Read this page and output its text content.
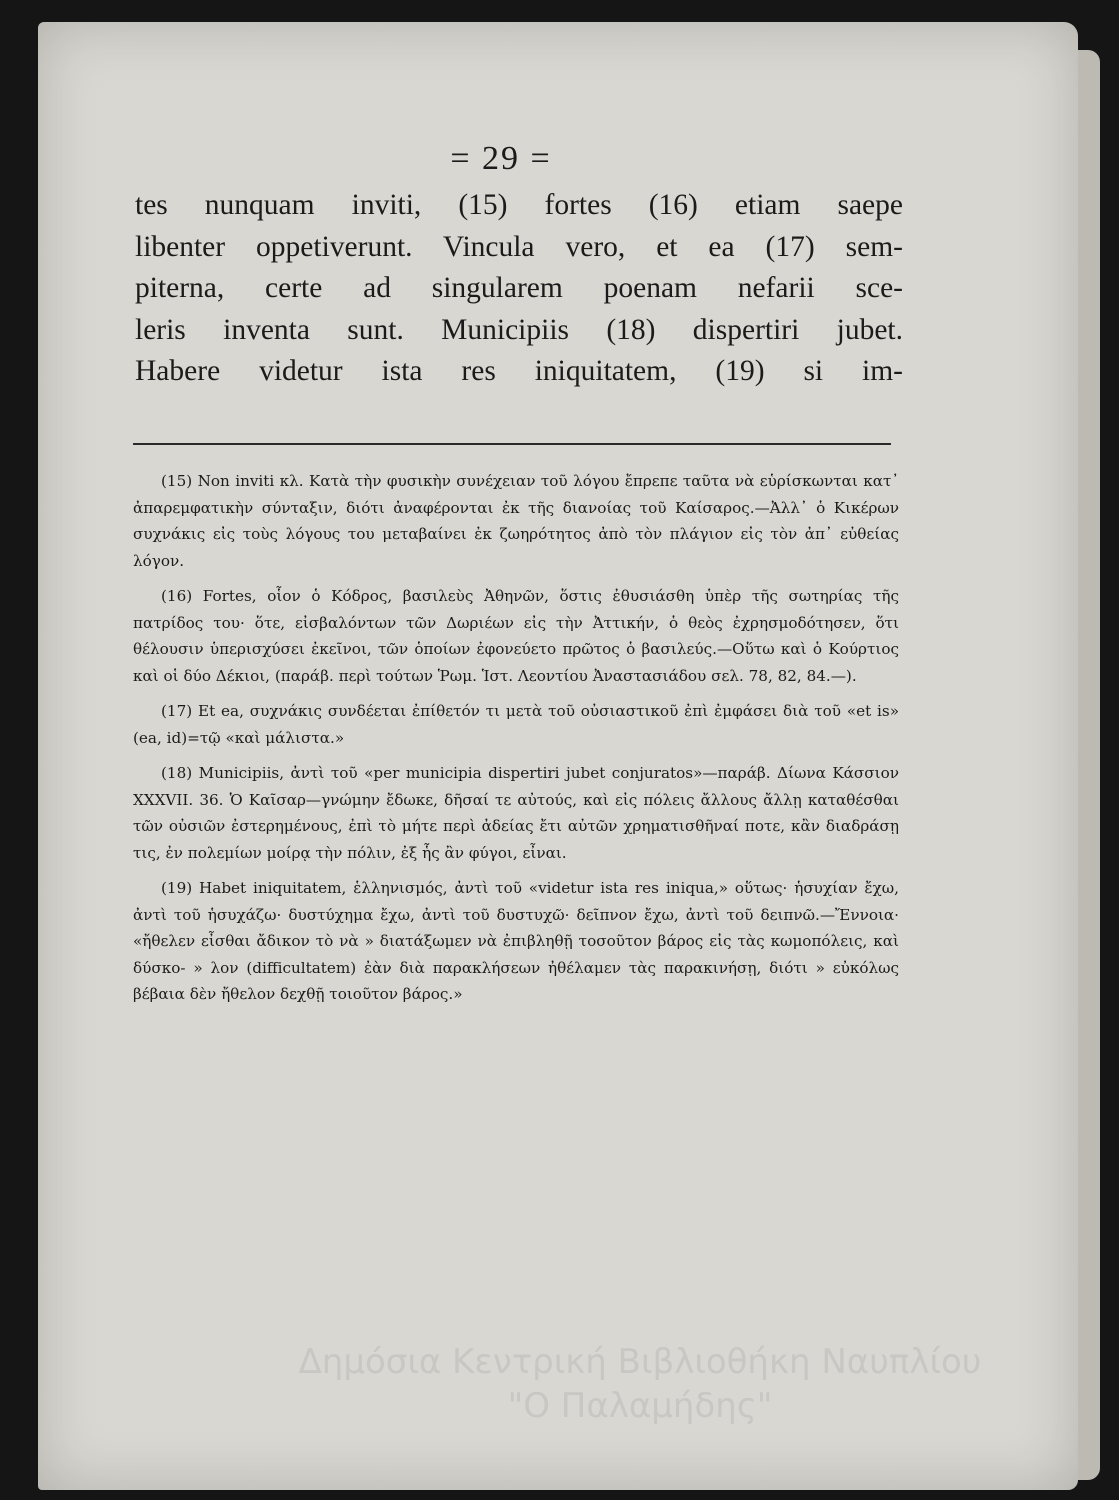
= 29 =
tes nunquam inviti, (15) fortes (16) etiam saepe
libenter oppetiverunt. Vincula vero, et ea (17) sem-
piterna, certe ad singularem poenam nefarii sce-
leris inventa sunt. Municipiis (18) dispertiri jubet.
Habere videtur ista res iniquitatem, (19) si im-

(15) Non inviti κλ. Κατὰ τὴν φυσικὴν συνέχειαν τοῦ λόγου ἔπρεπε ταῦτα νὰ εὑρίσκωνται κατ᾽ ἀπαρεμφατικὴν σύνταξιν, διότι ἀναφέρονται ἐκ τῆς διανοίας τοῦ Καίσαρος.—Ἀλλ᾽ ὁ Κικέρων συχνάκις εἰς τοὺς λόγους του μεταβαίνει ἐκ ζωηρότητος ἀπὸ τὸν πλάγιον εἰς τὸν ἀπ᾽ εὐθείας λόγον.

(16) Fortes, οἷον ὁ Κόδρος, βασιλεὺς Ἀθηνῶν, ὅστις ἐθυσιάσθη ὑπὲρ τῆς σωτηρίας τῆς πατρίδος του· ὅτε, εἰσβαλόντων τῶν Δωριέων εἰς τὴν Ἀττικήν, ὁ θεὸς ἐχρησμοδότησεν, ὅτι θέλουσιν ὑπερισχύσει ἐκεῖνοι, τῶν ὁποίων ἐφονεύετο πρῶτος ὁ βασιλεύς.—Οὕτω καὶ ὁ Κούρτιος καὶ οἱ δύο Δέκιοι, (παράβ. περὶ τούτων Ῥωμ. Ἱστ. Λεοντίου Ἀναστασιάδου σελ. 78, 82, 84.—).

(17) Et ea, συχνάκις συνδέεται ἐπίθετόν τι μετὰ τοῦ οὐσιαστικοῦ ἐπὶ ἐμφάσει διὰ τοῦ «et is» (ea, id)=τῷ «καὶ μάλιστα.»

(18) Municipiis, ἀντὶ τοῦ «per municipia dispertiri jubet conjuratos»—παράβ. Δίωνα Κάσσιον XXXVII. 36. Ὁ Καῖσαρ—γνώμην ἔδωκε, δῆσαί τε αὐτούς, καὶ εἰς πόλεις ἄλλους ἄλλῃ καταθέσθαι τῶν οὐσιῶν ἐστερημένους, ἐπὶ τὸ μήτε περὶ ἀδείας ἔτι αὐτῶν χρηματισθῆναί ποτε, κἂν διαδράσῃ τις, ἐν πολεμίων μοίρᾳ τὴν πόλιν, ἐξ ἧς ἂν φύγοι, εἶναι.

(19) Habet iniquitatem, ἑλληνισμός, ἀντὶ τοῦ «videtur ista res iniqua,» οὕτως· ἡσυχίαν ἔχω, ἀντὶ τοῦ ἡσυχάζω· δυστύχημα ἔχω, ἀντὶ τοῦ δυστυχῶ· δεῖπνον ἔχω, ἀντὶ τοῦ δειπνῶ.—Ἔννοια· «ἤθελεν εἶσθαι ἄδικον τὸ νὰ » διατάξωμεν νὰ ἐπιβληθῇ τοσοῦτον βάρος εἰς τὰς κωμοπόλεις, καὶ δύσκο- » λον (difficultatem) ἐὰν διὰ παρακλήσεων ἠθέλαμεν τὰς παρακινήσῃ, διότι » εὐκόλως βέβαια δὲν ἤθελον δεχθῇ τοιοῦτον βάρος.»

Δημόσια Κεντρική Βιβλιοθήκη Ναυπλίου
"Ο Παλαμήδης"
